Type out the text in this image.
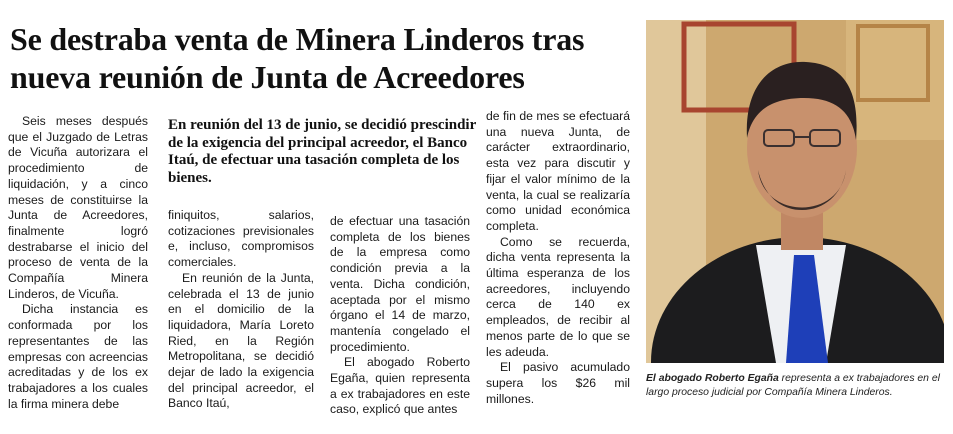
Se destraba venta de Minera Linderos tras nueva reunión de Junta de Acreedores

Seis meses después que el Juzgado de Letras de Vicuña autorizara el procedimiento de liquidación, y a cinco meses de constituirse la Junta de Acreedores, finalmente logró destrabarse el inicio del proceso de venta de la Compañía Minera Linderos, de Vicuña.

Dicha instancia es conformada por los representantes de las empresas con acreencias acreditadas y de los ex trabajadores a los cuales la firma minera debe

En reunión del 13 de junio, se decidió prescindir de la exigencia del principal acreedor, el Banco Itaú, de efectuar una tasación completa de los bienes.

finiquitos, salarios, cotizaciones previsionales e, incluso, compromisos comerciales.

En reunión de la Junta, celebrada el 13 de junio en el domicilio de la liquidadora, María Loreto Ried, en la Región Metropolitana, se decidió dejar de lado la exigencia del principal acreedor, el Banco Itaú,

de efectuar una tasación completa de los bienes de la empresa como condición previa a la venta. Dicha condición, aceptada por el mismo órgano el 14 de marzo, mantenía congelado el procedimiento.

El abogado Roberto Egaña, quien representa a ex trabajadores en este caso, explicó que antes

de fin de mes se efectuará una nueva Junta, de carácter extraordinario, esta vez para discutir y fijar el valor mínimo de la venta, la cual se realizaría como unidad económica completa.

Como se recuerda, dicha venta representa la última esperanza de los acreedores, incluyendo cerca de 140 ex empleados, de recibir al menos parte de lo que se les adeuda.

El pasivo acumulado supera los $26 mil millones.

El abogado Roberto Egaña representa a ex trabajadores en el largo proceso judicial por Compañía Minera Linderos.
